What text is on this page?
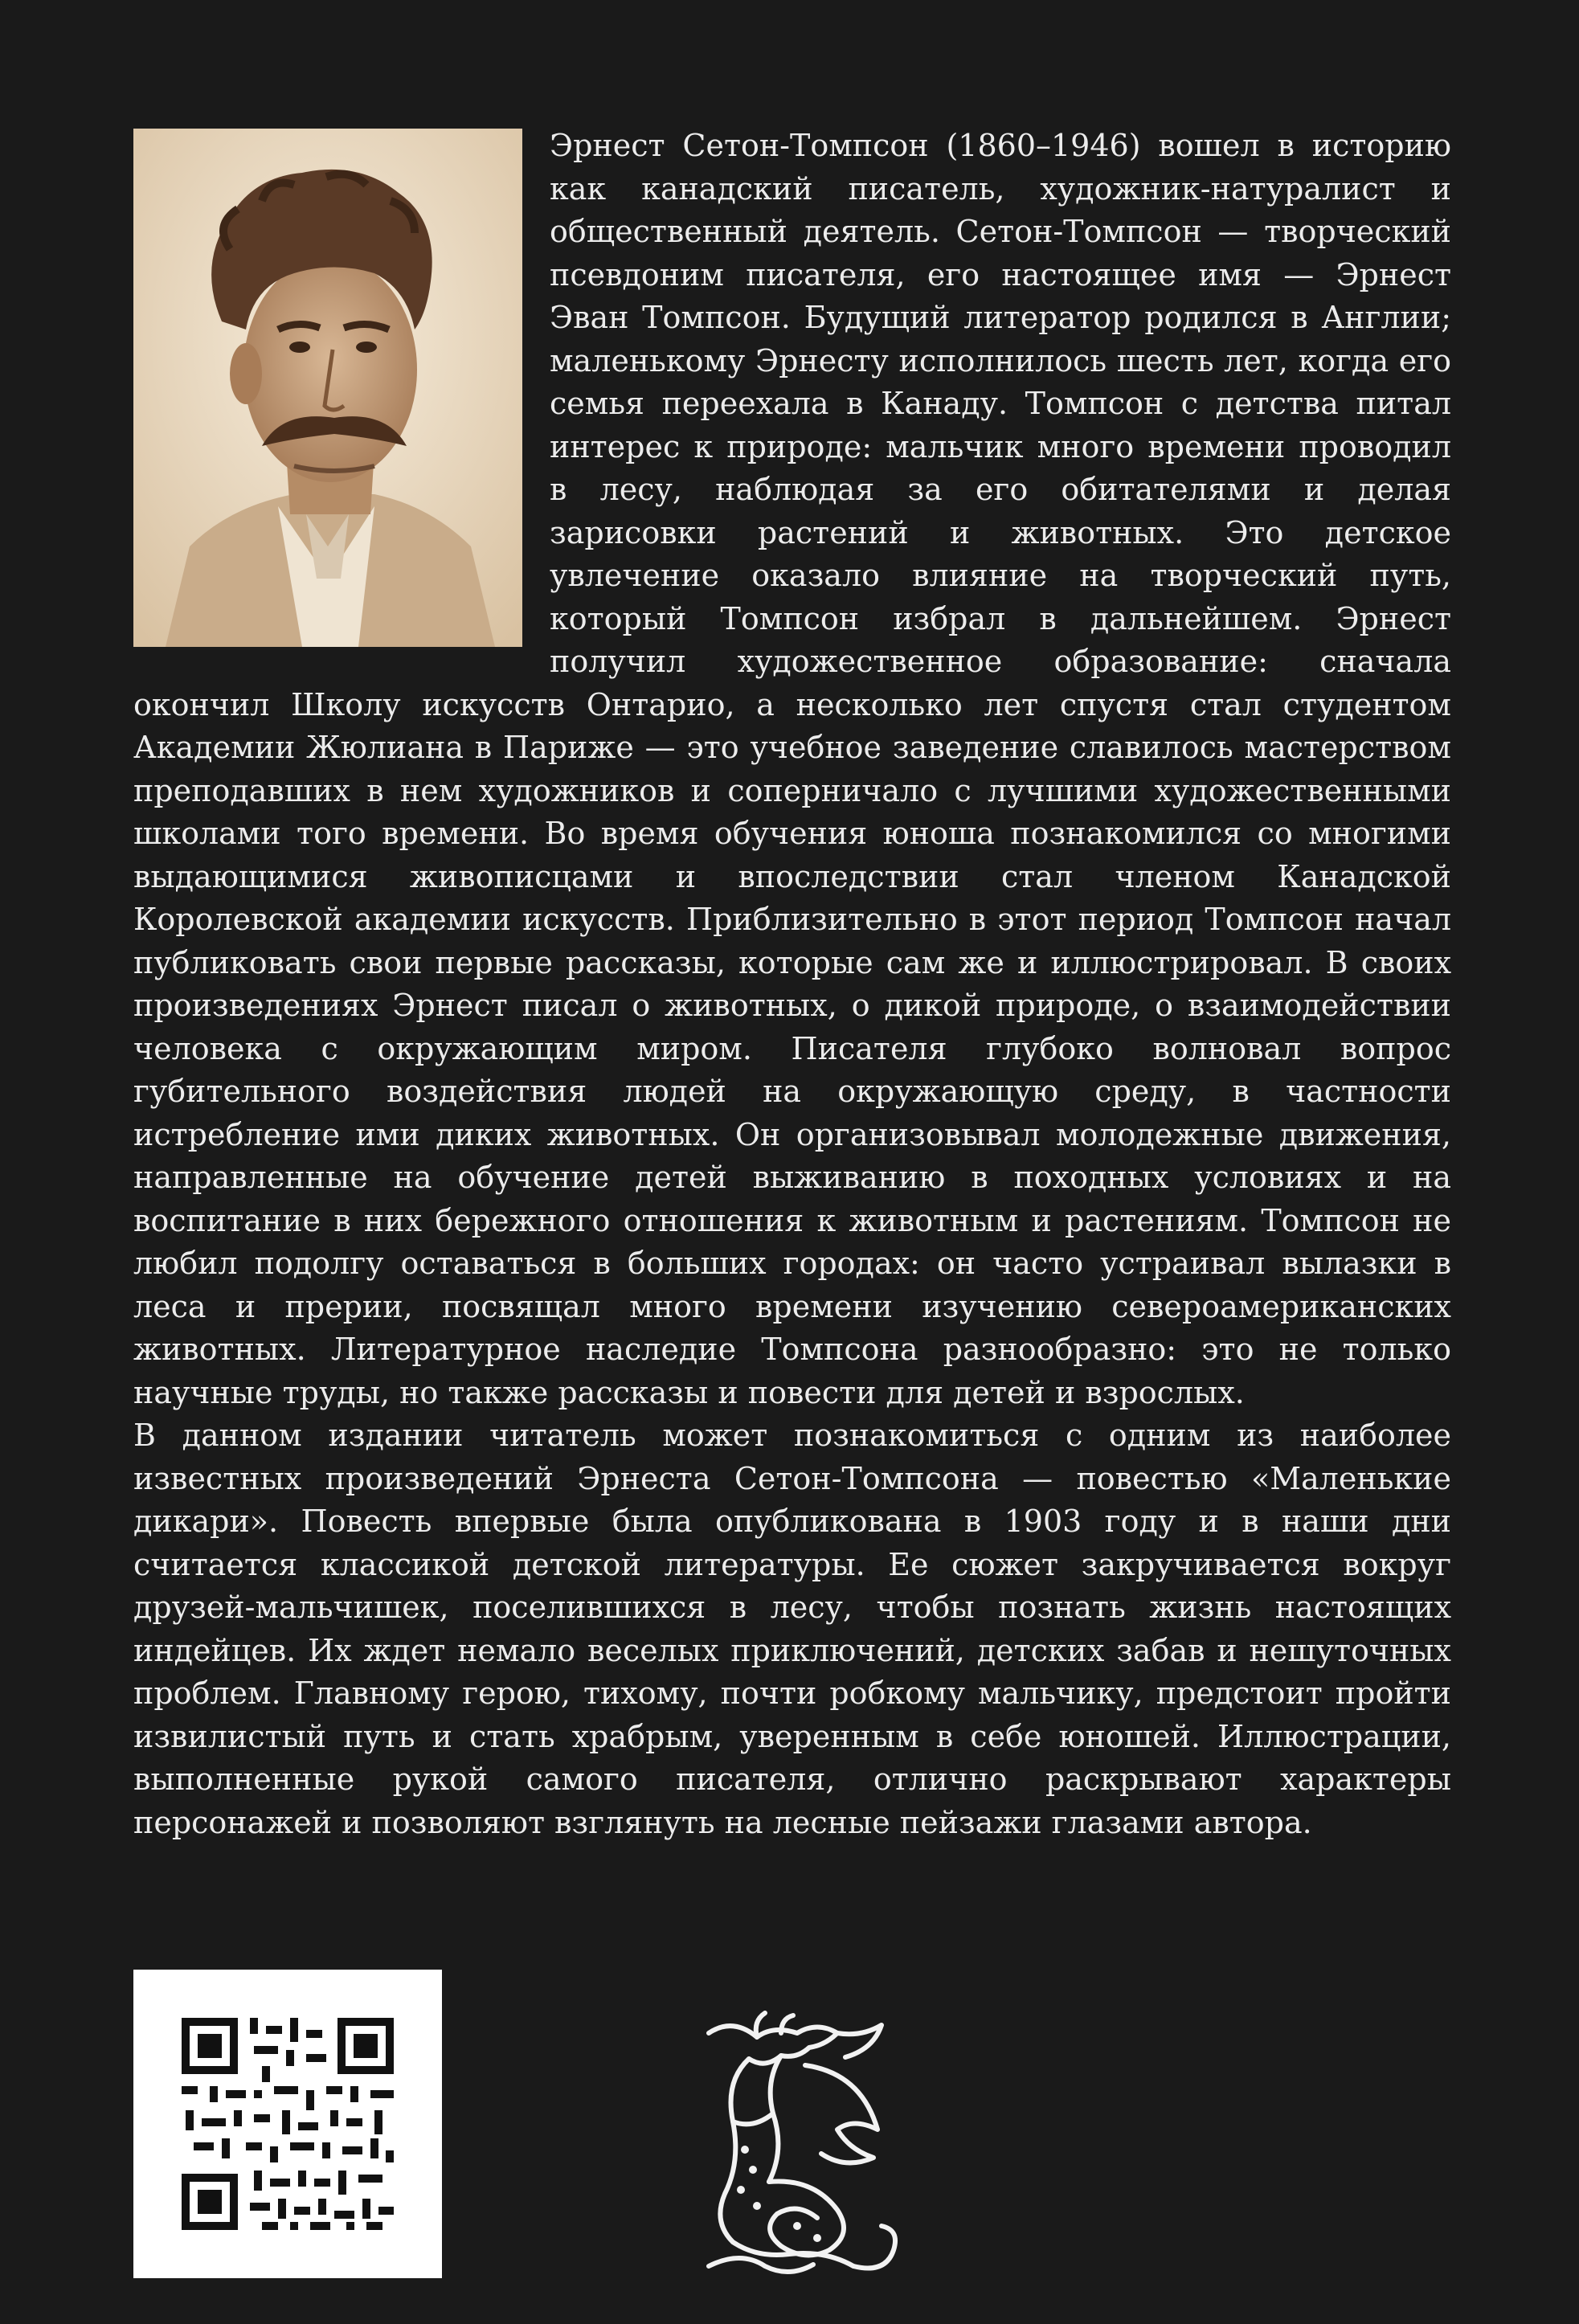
Эрнест Сетон-Томпсон (1860–1946) вошел в историю как канадский писатель, художник-натуралист и общественный деятель. Сетон-Томпсон — творческий псевдоним писателя, его настоящее имя — Эрнест Эван Томпсон. Будущий литератор родился в Англии; маленькому Эрнесту исполнилось шесть лет, когда его семья переехала в Канаду. Томпсон с детства питал интерес к природе: мальчик много времени проводил в лесу, наблюдая за его обитателями и делая зарисовки растений и животных. Это детское увлечение оказало влияние на творческий путь, который Томпсон избрал в дальнейшем. Эрнест получил художественное образование: сначала окончил Школу искусств Онтарио, а несколько лет спустя стал студентом Академии Жюлиана в Париже — это учебное заведение славилось мастерством преподавших в нем художников и соперничало с лучшими художественными школами того времени. Во время обучения юноша познакомился со многими выдающимися живописцами и впоследствии стал членом Канадской Королевской академии искусств. Приблизительно в этот период Томпсон начал публиковать свои первые рассказы, которые сам же и иллюстрировал. В своих произведениях Эрнест писал о животных, о дикой природе, о взаимодействии человека с окружающим миром. Писателя глубоко волновал вопрос губительного воздействия людей на окружающую среду, в частности истребление ими диких животных. Он организовывал молодежные движения, направленные на обучение детей выживанию в походных условиях и на воспитание в них бережного отношения к животным и растениям. Томпсон не любил подолгу оставаться в больших городах: он часто устраивал вылазки в леса и прерии, посвящал много времени изучению североамериканских животных. Литературное наследие Томпсона разнообразно: это не только научные труды, но также рассказы и повести для детей и взрослых.

В данном издании читатель может познакомиться с одним из наиболее известных произведений Эрнеста Сетон-Томпсона — повестью «Маленькие дикари». Повесть впервые была опубликована в 1903 году и в наши дни считается классикой детской литературы. Ее сюжет закручивается вокруг друзей-мальчишек, поселившихся в лесу, чтобы познать жизнь настоящих индейцев. Их ждет немало веселых приключений, детских забав и нешуточных проблем. Главному герою, тихому, почти робкому мальчику, предстоит пройти извилистый путь и стать храбрым, уверенным в себе юношей. Иллюстрации, выполненные рукой самого писателя, отлично раскрывают характеры персонажей и позволяют взглянуть на лесные пейзажи глазами автора.
